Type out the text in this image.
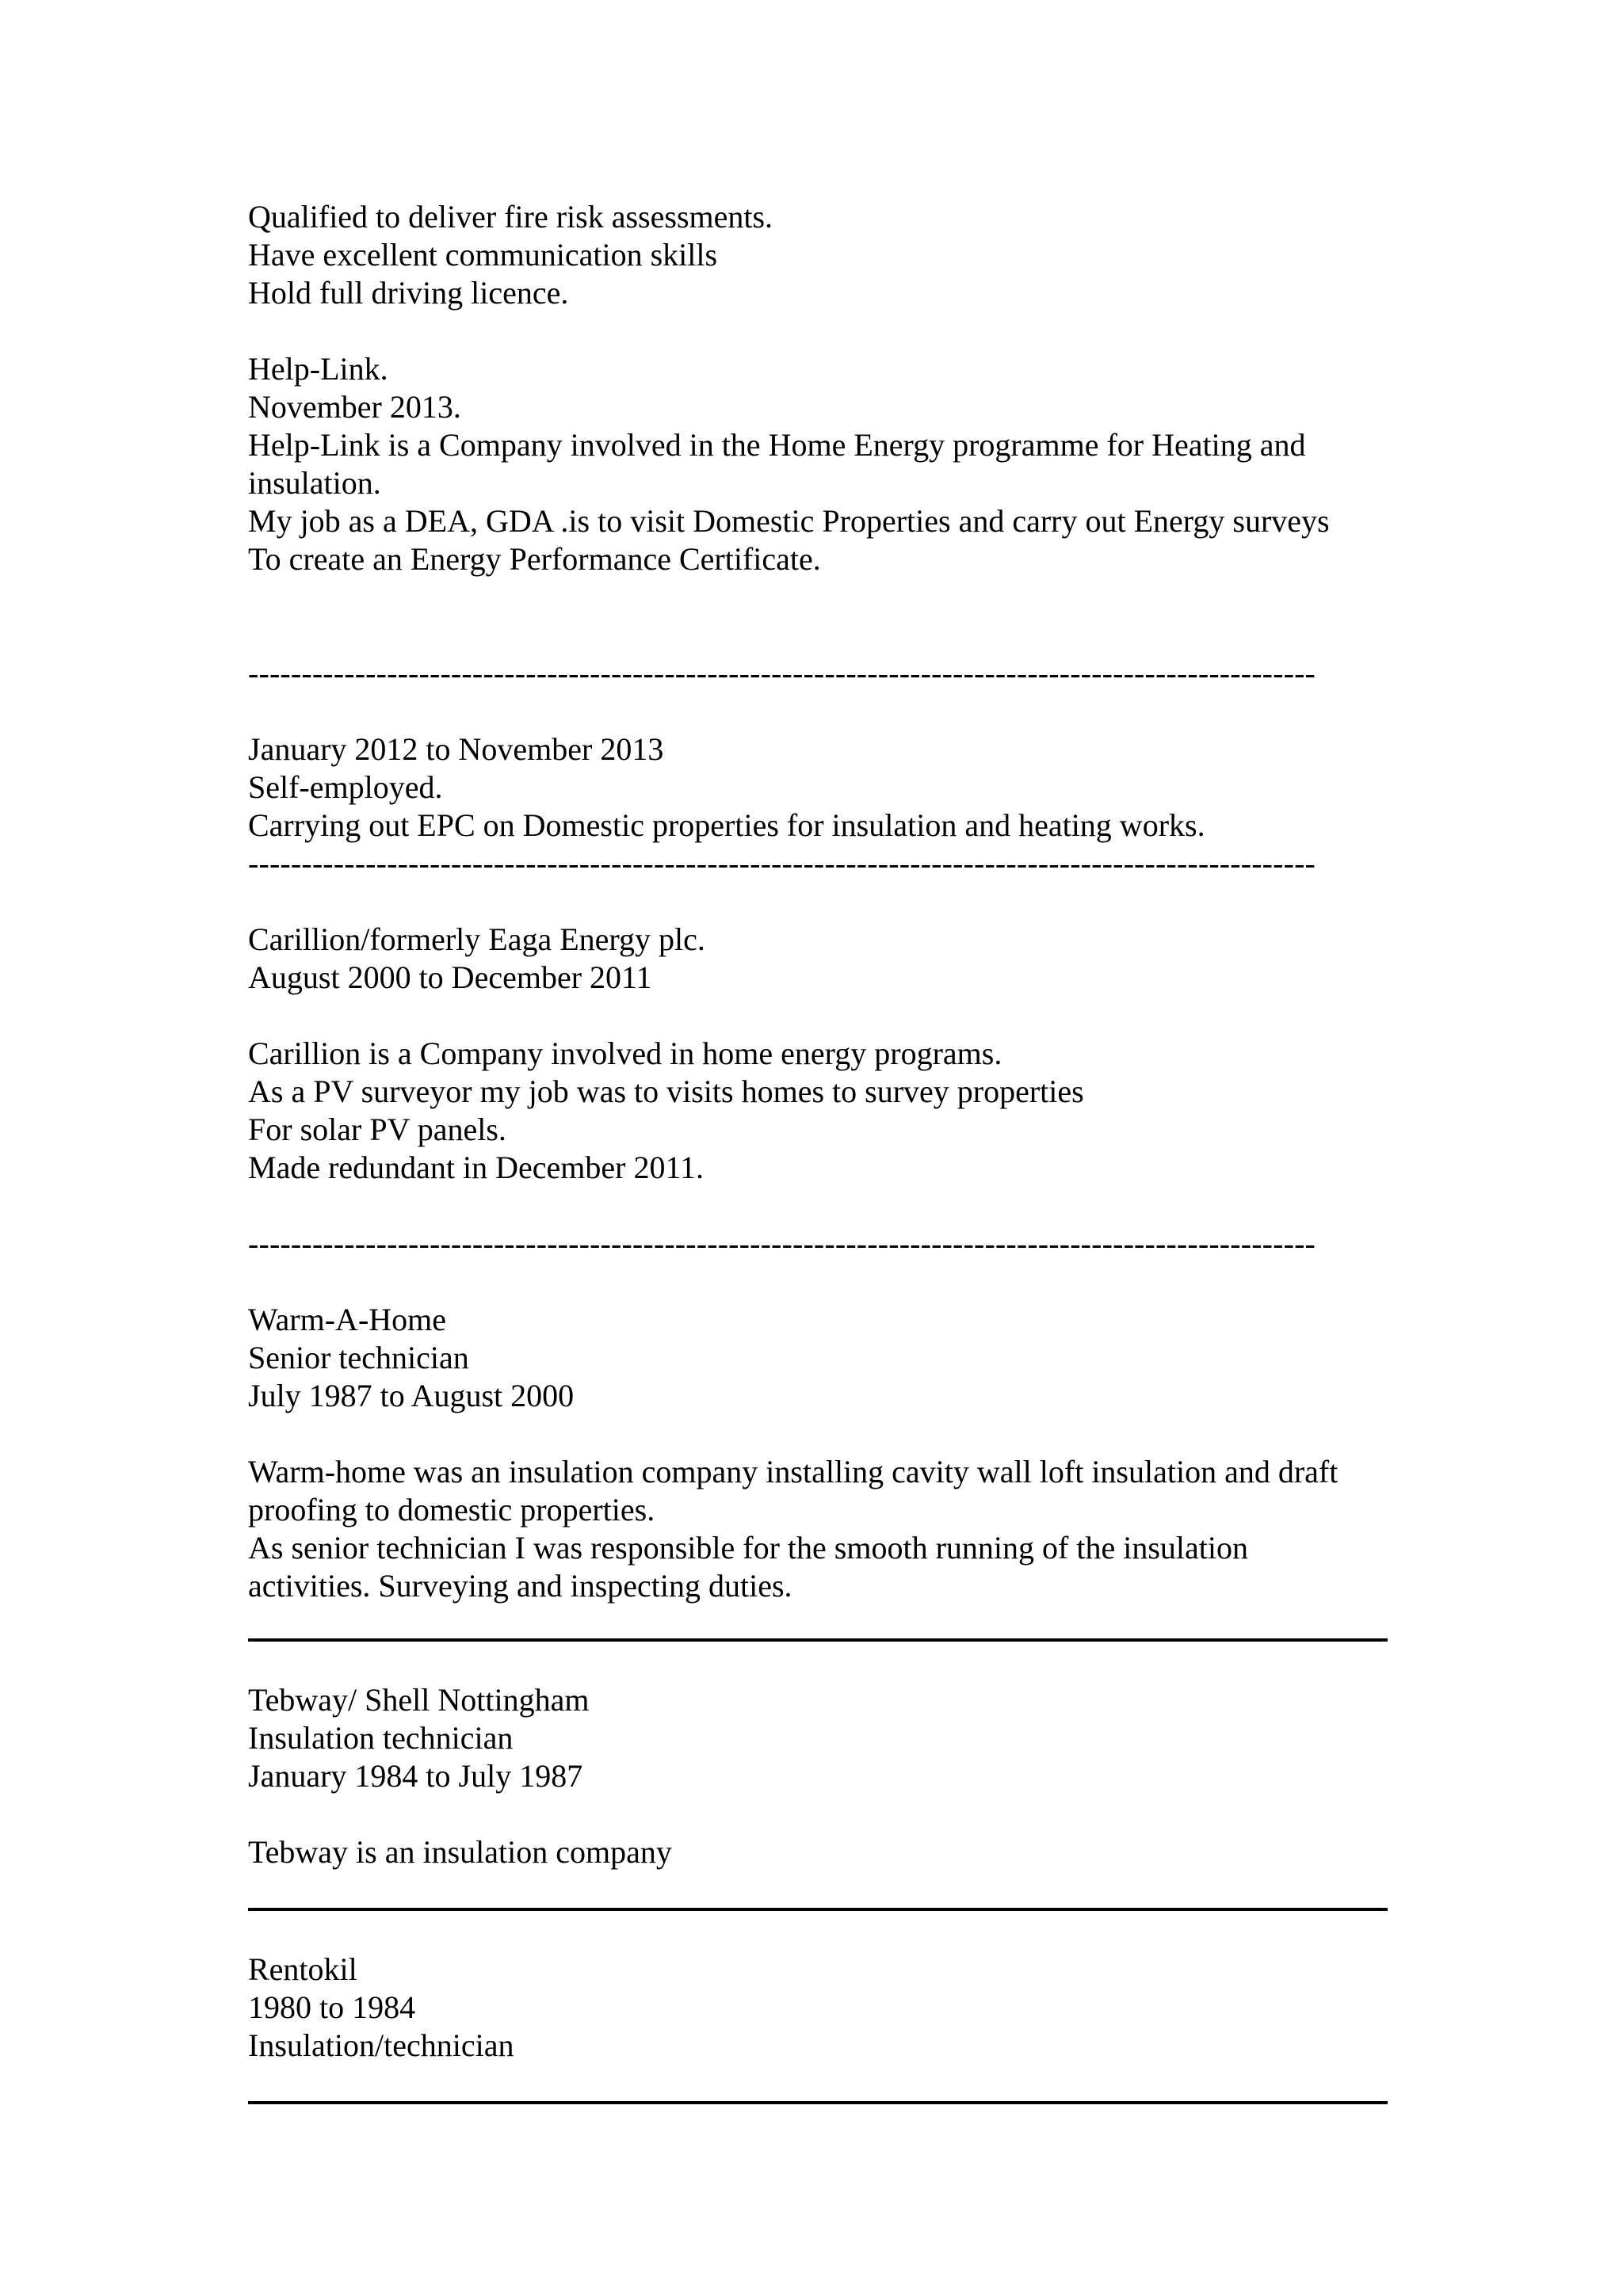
Qualified to deliver fire risk assessments.
Have excellent communication skills
Hold full driving licence.
Help-Link.
November 2013.
Help-Link is a Company involved in the Home Energy programme for Heating and
insulation.
My job as a DEA, GDA .is to visit Domestic Properties and carry out Energy surveys
To create an Energy Performance Certificate.
----------------------------------------------------------------------------------------------------
January 2012 to November 2013
Self-employed.
Carrying out EPC on Domestic properties for insulation and heating works.
----------------------------------------------------------------------------------------------------
Carillion/formerly Eaga Energy plc.
August 2000 to December 2011
Carillion is a Company involved in home energy programs.
As a PV surveyor my job was to visits homes to survey properties
For solar PV panels.
Made redundant in December 2011.
----------------------------------------------------------------------------------------------------
Warm-A-Home
Senior technician
July 1987 to August 2000
Warm-home was an insulation company installing cavity wall loft insulation and draft
proofing to domestic properties.
As senior technician I was responsible for the smooth running of the insulation
activities. Surveying and inspecting duties.
Tebway/ Shell Nottingham
Insulation technician
January 1984 to July 1987
Tebway is an insulation company
Rentokil
1980 to 1984
Insulation/technician
